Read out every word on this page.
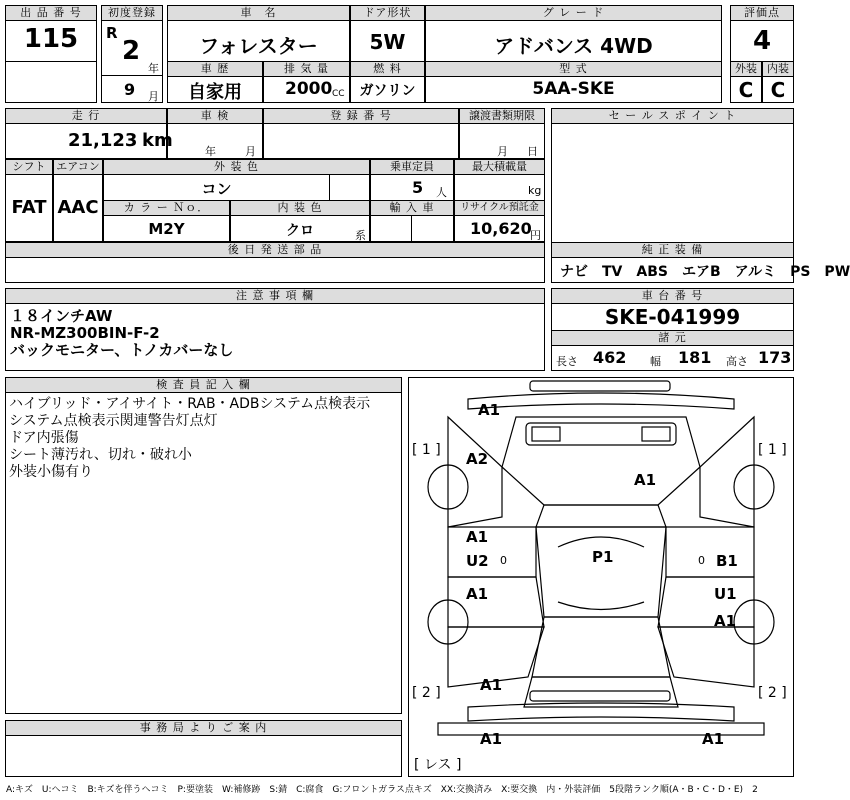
出 品 番 号
115
初度登録
R
2
年
車　名
フォレスター
ドア形状
5W
グ レ ー ド
アドバンス 4WD
評価点
4
9 月
車 歴
自家用
排 気 量
2000 CC
燃 料
ガソリン
型 式
5AA-SKE
外装 内装
C C
走 行
21,123 km
車 検
年	月
登 録 番 号	譲渡書類期限
月 日
セ ー ル ス ポ イ ン ト
シフト
FAT
エアコン
AAC
外 装 色
コン
乗車定員
5 人
最大積載量
kg
カ ラ ー Ｎｏ．
M2Y
内 装 色
クロ	系
輸 入 車	リサイクル預託金
10,620
円
後 日 発 送 部 品	純 正 装 備
ナビ　TV　ABS　エアB　アルミ　PS　PW
注 意 事 項 欄
１８インチAW
NR-MZ300BIN-F-2
バックモニター、トノカバーなし
車 台 番 号
SKE-041999
諸 元
長さ 462 幅 181 高さ 173
検 査 員 記 入 欄
ハイブリッド・アイサイト・RAB・ADBシステム点検表示
システム点検表示関連警告灯点灯
ドア内張傷
シート薄汚れ、切れ・破れ小
外装小傷有り
事 務 局 よ り ご 案 内
A1
A2
A1
A1
U2
A1
P1	B1
U1
A1
A1
A1	A1
0	0
[ 1 ]	[ 1 ]
[ 2 ]	[ 2 ]
[ レス ]
A:キズ　U:ヘコミ　B:キズを伴うヘコミ　P:要塗装　W:補修跡　S:錆　C:腐食　G:フロントガラス点キズ　XX:交換済み　X:要交換　内・外装評価　5段階ランク順(A・B・C・D・E)　2
